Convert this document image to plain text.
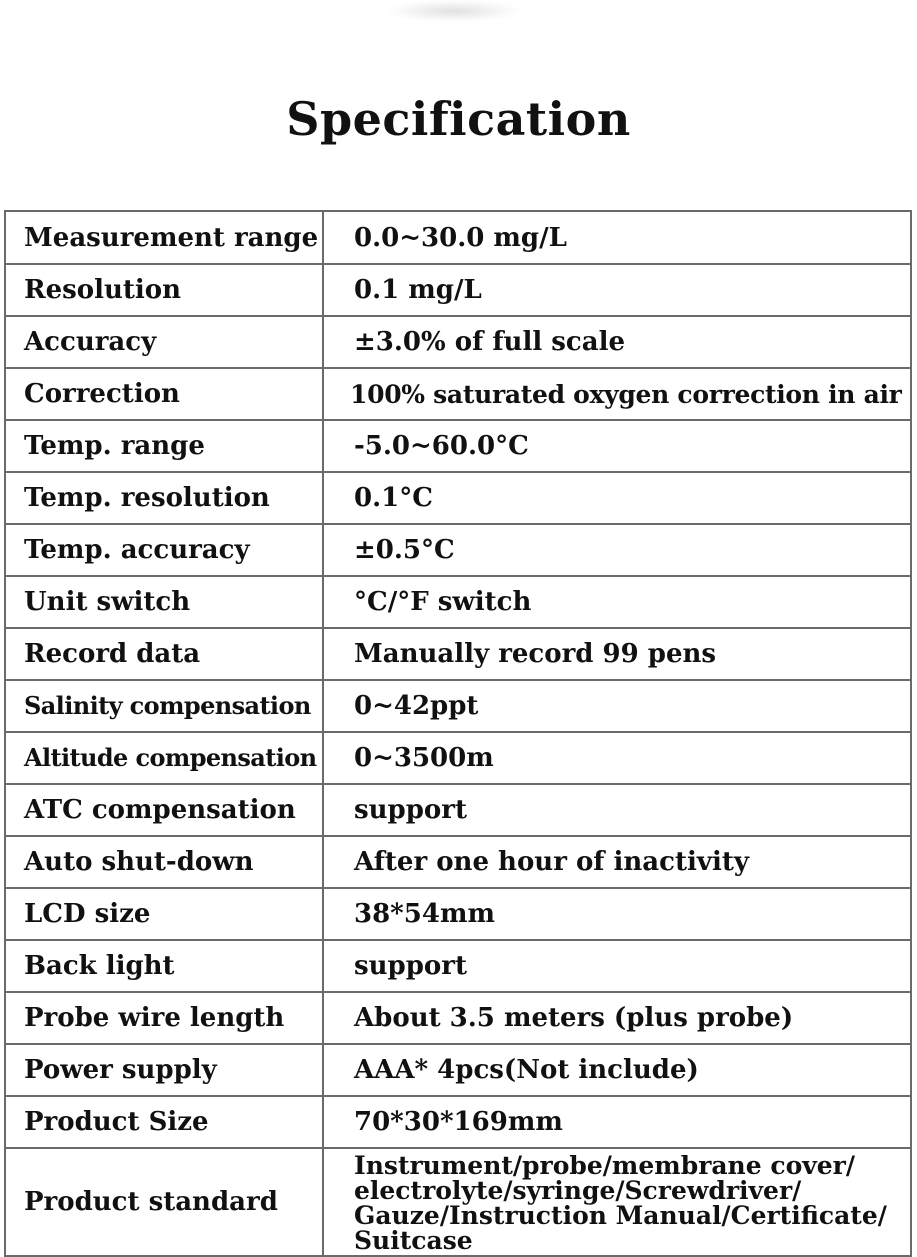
Specification
Measurement range	0.0~30.0 mg/L
Resolution	0.1 mg/L
Accuracy	±3.0% of full scale
Correction	100% saturated oxygen correction in air
Temp. range	-5.0~60.0°C
Temp. resolution	0.1°C
Temp. accuracy	±0.5°C
Unit switch	°C/°F switch
Record data	Manually record 99 pens
Salinity compensation	0~42ppt
Altitude compensation	0~3500m
ATC compensation	support
Auto shut-down	After one hour of inactivity
LCD size	38*54mm
Back light	support
Probe wire length	About 3.5 meters (plus probe)
Power supply	AAA* 4pcs(Not include)
Product Size	70*30*169mm
Product standard	Instrument/probe/membrane cover/ electrolyte/syringe/Screwdriver/ Gauze/Instruction Manual/Certificate/ Suitcase
